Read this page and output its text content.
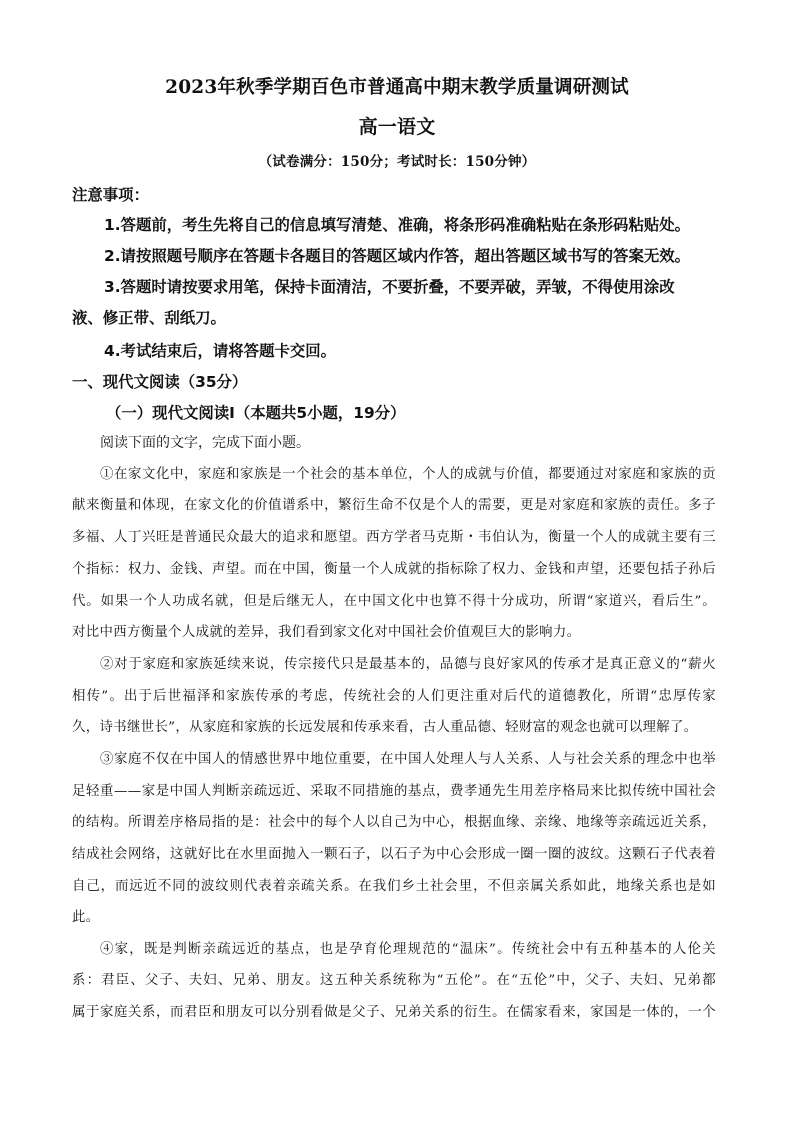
2023年秋季学期百色市普通高中期末教学质量调研测试
高一语文
（试卷满分：150分；考试时长：150分钟）
注意事项：
1.答题前，考生先将自己的信息填写清楚、准确，将条形码准确粘贴在条形码粘贴处。
2.请按照题号顺序在答题卡各题目的答题区域内作答，超出答题区域书写的答案无效。
3.答题时请按要求用笔，保持卡面清洁，不要折叠，不要弄破，弄皱，不得使用涂改
液、修正带、刮纸刀。
4.考试结束后，请将答题卡交回。
一、现代文阅读（35分）
（一）现代文阅读Ⅰ（本题共5小题，19分）
阅读下面的文字，完成下面小题。
①在家文化中，家庭和家族是一个社会的基本单位，个人的成就与价值，都要通过对家庭和家族的贡
献来衡量和体现，在家文化的价值谱系中，繁衍生命不仅是个人的需要，更是对家庭和家族的责任。多子
多福、人丁兴旺是普通民众最大的追求和愿望。西方学者马克斯・韦伯认为，衡量一个人的成就主要有三
个指标：权力、金钱、声望。而在中国，衡量一个人成就的指标除了权力、金钱和声望，还要包括子孙后
代。如果一个人功成名就，但是后继无人，在中国文化中也算不得十分成功，所谓“家道兴，看后生”。
对比中西方衡量个人成就的差异，我们看到家文化对中国社会价值观巨大的影响力。
②对于家庭和家族延续来说，传宗接代只是最基本的，品德与良好家风的传承才是真正意义的“薪火
相传”。出于后世福泽和家族传承的考虑，传统社会的人们更注重对后代的道德教化，所谓“忠厚传家
久，诗书继世长”，从家庭和家族的长远发展和传承来看，古人重品德、轻财富的观念也就可以理解了。
③家庭不仅在中国人的情感世界中地位重要，在中国人处理人与人关系、人与社会关系的理念中也举
足轻重——家是中国人判断亲疏远近、采取不同措施的基点，费孝通先生用差序格局来比拟传统中国社会
的结构。所谓差序格局指的是：社会中的每个人以自己为中心，根据血缘、亲缘、地缘等亲疏远近关系，
结成社会网络，这就好比在水里面抛入一颗石子，以石子为中心会形成一圈一圈的波纹。这颗石子代表着
自己，而远近不同的波纹则代表着亲疏关系。在我们乡土社会里，不但亲属关系如此，地缘关系也是如
此。
④家，既是判断亲疏远近的基点，也是孕育伦理规范的“温床”。传统社会中有五种基本的人伦关
系：君臣、父子、夫妇、兄弟、朋友。这五种关系统称为“五伦”。在“五伦”中，父子、夫妇、兄弟都
属于家庭关系，而君臣和朋友可以分别看做是父子、兄弟关系的衍生。在儒家看来，家国是一体的，一个
